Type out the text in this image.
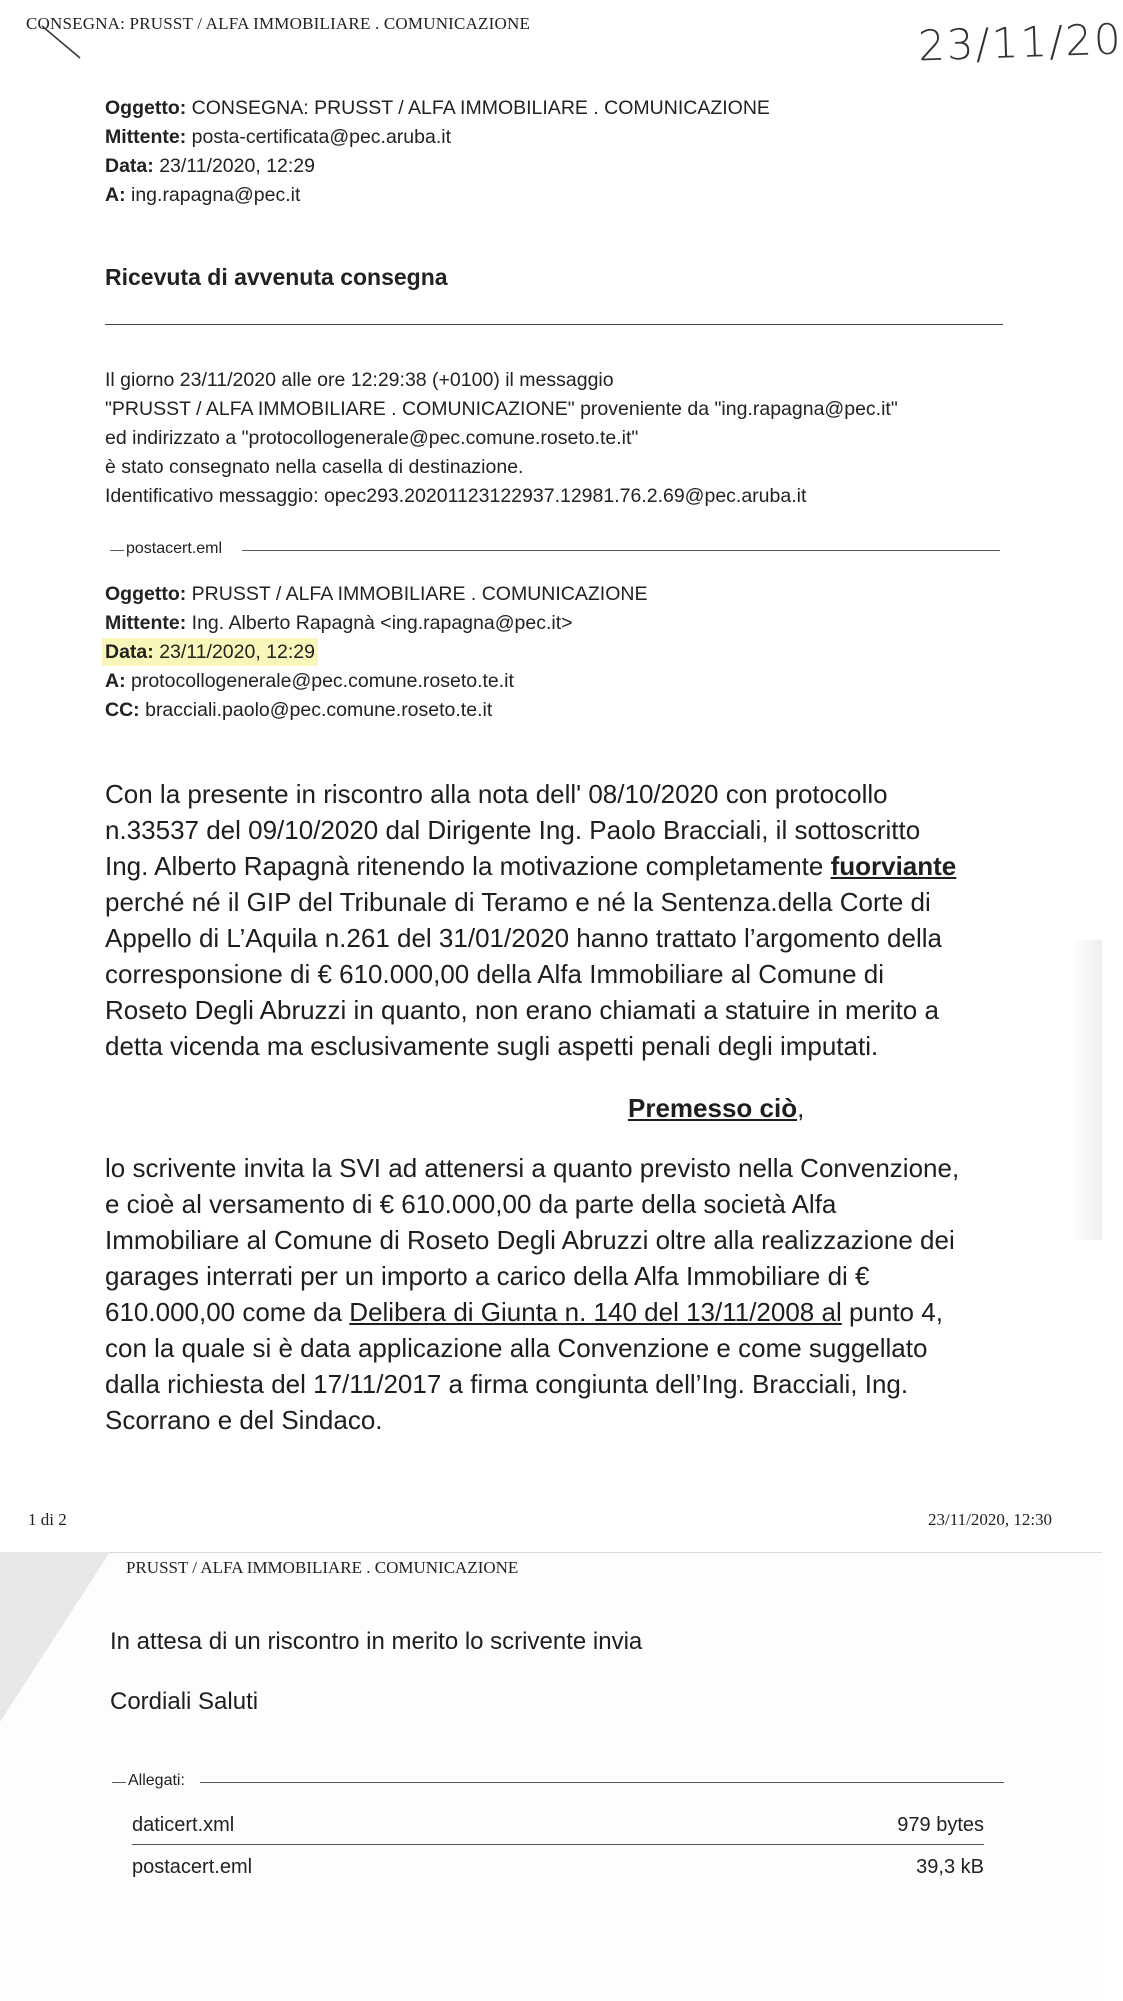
CONSEGNA: PRUSST / ALFA IMMOBILIARE . COMUNICAZIONE	23/11/20
Oggetto: CONSEGNA: PRUSST / ALFA IMMOBILIARE . COMUNICAZIONE
Mittente: posta-certificata@pec.aruba.it
Data: 23/11/2020, 12:29
A: ing.rapagna@pec.it
Ricevuta di avvenuta consegna
Il giorno 23/11/2020 alle ore 12:29:38 (+0100) il messaggio
"PRUSST / ALFA IMMOBILIARE . COMUNICAZIONE" proveniente da "ing.rapagna@pec.it"
ed indirizzato a "protocollogenerale@pec.comune.roseto.te.it"
è stato consegnato nella casella di destinazione.
Identificativo messaggio: opec293.20201123122937.12981.76.2.69@pec.aruba.it
postacert.eml
Oggetto: PRUSST / ALFA IMMOBILIARE . COMUNICAZIONE
Mittente: Ing. Alberto Rapagnà <ing.rapagna@pec.it>
Data: 23/11/2020, 12:29
A: protocollogenerale@pec.comune.roseto.te.it
CC: bracciali.paolo@pec.comune.roseto.te.it
Con la presente in riscontro alla nota dell' 08/10/2020 con protocollo
n.33537 del 09/10/2020 dal Dirigente Ing. Paolo Bracciali, il sottoscritto
Ing. Alberto Rapagnà ritenendo la motivazione completamente fuorviante
perché né il GIP del Tribunale di Teramo e né la Sentenza.della Corte di
Appello di L’Aquila n.261 del 31/01/2020 hanno trattato l’argomento della
corresponsione di € 610.000,00 della Alfa Immobiliare al Comune di
Roseto Degli Abruzzi in quanto, non erano chiamati a statuire in merito a
detta vicenda ma esclusivamente sugli aspetti penali degli imputati.
Premesso ciò,
lo scrivente invita la SVI ad attenersi a quanto previsto nella Convenzione,
e cioè al versamento di € 610.000,00 da parte della società Alfa
Immobiliare al Comune di Roseto Degli Abruzzi oltre alla realizzazione dei
garages interrati per un importo a carico della Alfa Immobiliare di €
610.000,00 come da Delibera di Giunta n. 140 del 13/11/2008 al punto 4,
con la quale si è data applicazione alla Convenzione e come suggellato
dalla richiesta del 17/11/2017 a firma congiunta dell’Ing. Bracciali, Ing.
Scorrano e del Sindaco.
1 di 2	23/11/2020, 12:30
PRUSST / ALFA IMMOBILIARE . COMUNICAZIONE
In attesa di un riscontro in merito lo scrivente invia
Cordiali Saluti
Allegati:
daticert.xml	979 bytes
postacert.eml	39,3 kB
